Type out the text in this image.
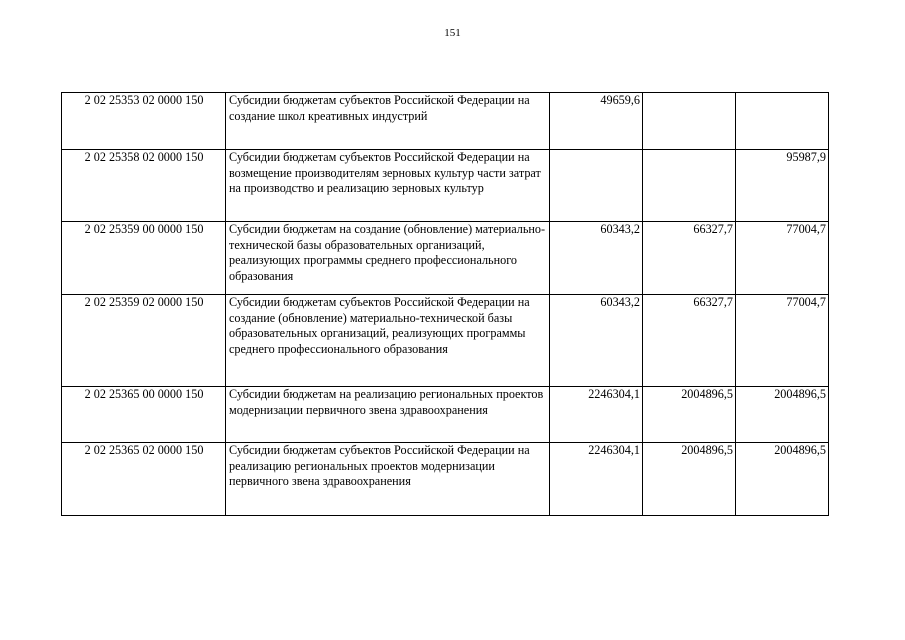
151
2 02 25353 02 0000 150	Субсидии бюджетам субъектов Российской Федерации на создание школ креативных индустрий	49659,6		
2 02 25358 02 0000 150	Субсидии бюджетам субъектов Российской Федерации на возмещение производителям зерновых культур части затрат на производство и реализацию зерновых культур			95987,9
2 02 25359 00 0000 150	Субсидии бюджетам на создание (обновление) материально-технической базы образовательных организаций, реализующих программы среднего профессионального образования	60343,2	66327,7	77004,7
2 02 25359 02 0000 150	Субсидии бюджетам субъектов Российской Федерации на создание (обновление) материально-технической базы образовательных организаций, реализующих программы среднего профессионального образования	60343,2	66327,7	77004,7
2 02 25365 00 0000 150	Субсидии бюджетам на реализацию региональных проектов модернизации первичного звена здравоохранения	2246304,1	2004896,5	2004896,5
2 02 25365 02 0000 150	Субсидии бюджетам субъектов Российской Федерации на реализацию региональных проектов модернизации первичного звена здравоохранения	2246304,1	2004896,5	2004896,5
